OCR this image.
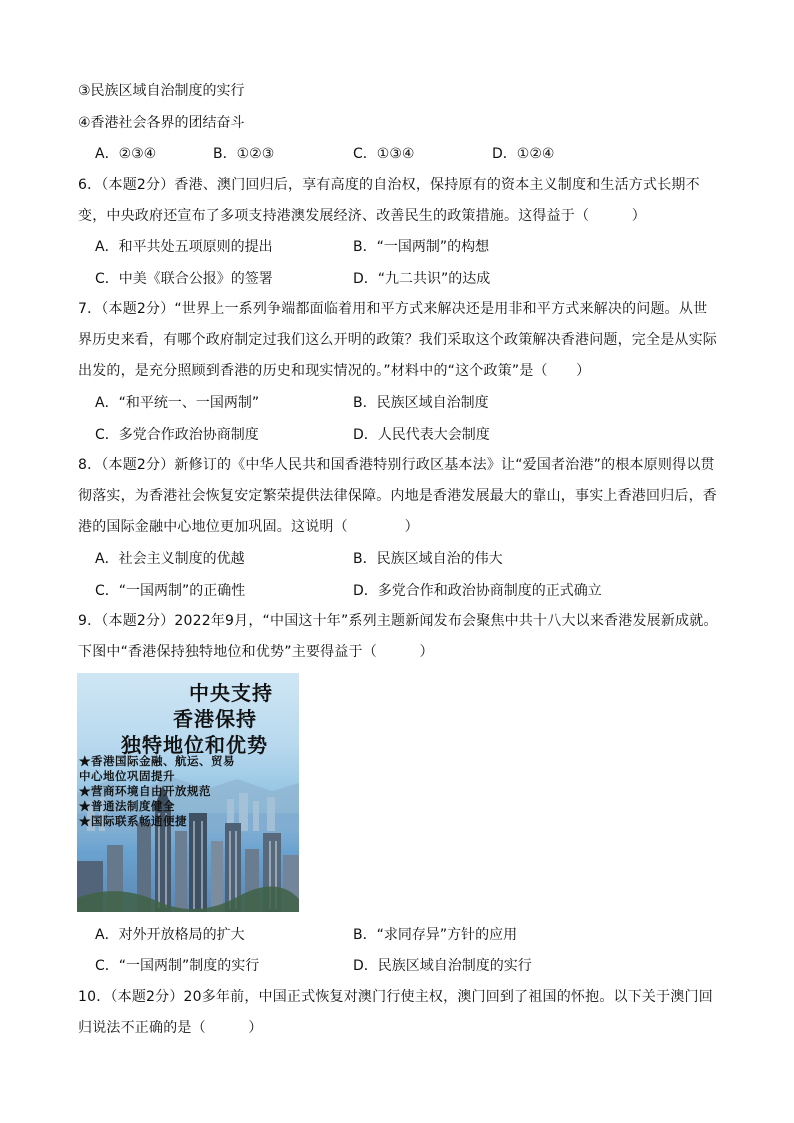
③民族区域自治制度的实行
④香港社会各界的团结奋斗
A．②③④	B．①②③	C．①③④	D．①②④
6．（本题2分）香港、澳门回归后，享有高度的自治权，保持原有的资本主义制度和生活方式长期不变，中央政府还宣布了多项支持港澳发展经济、改善民生的政策措施。这得益于（　　　）
A．和平共处五项原则的提出	B．“一国两制”的构想
C．中美《联合公报》的签署	D．“九二共识”的达成
7．（本题2分）“世界上一系列争端都面临着用和平方式来解决还是用非和平方式来解决的问题。从世界历史来看，有哪个政府制定过我们这么开明的政策？我们采取这个政策解决香港问题，完全是从实际出发的，是充分照顾到香港的历史和现实情况的。”材料中的“这个政策”是（　　）
A．“和平统一、一国两制”	B．民族区域自治制度
C．多党合作政治协商制度	D．人民代表大会制度
8．（本题2分）新修订的《中华人民共和国香港特别行政区基本法》让“爱国者治港”的根本原则得以贯彻落实，为香港社会恢复安定繁荣提供法律保障。内地是香港发展最大的靠山，事实上香港回归后，香港的国际金融中心地位更加巩固。这说明（　　　　）
A．社会主义制度的优越	B．民族区域自治的伟大
C．“一国两制”的正确性	D．多党合作和政治协商制度的正式确立
9．（本题2分）2022年9月，“中国这十年”系列主题新闻发布会聚焦中共十八大以来香港发展新成就。下图中“香港保持独特地位和优势”主要得益于（　　　）
中央支持
香港保持
独特地位和优势
★香港国际金融、航运、贸易
中心地位巩固提升
★营商环境自由开放规范
★普通法制度健全
★国际联系畅通便捷
A．对外开放格局的扩大	B．“求同存异”方针的应用
C．“一国两制”制度的实行	D．民族区域自治制度的实行
10．（本题2分）20多年前，中国正式恢复对澳门行使主权，澳门回到了祖国的怀抱。以下关于澳门回归说法不正确的是（　　　）
